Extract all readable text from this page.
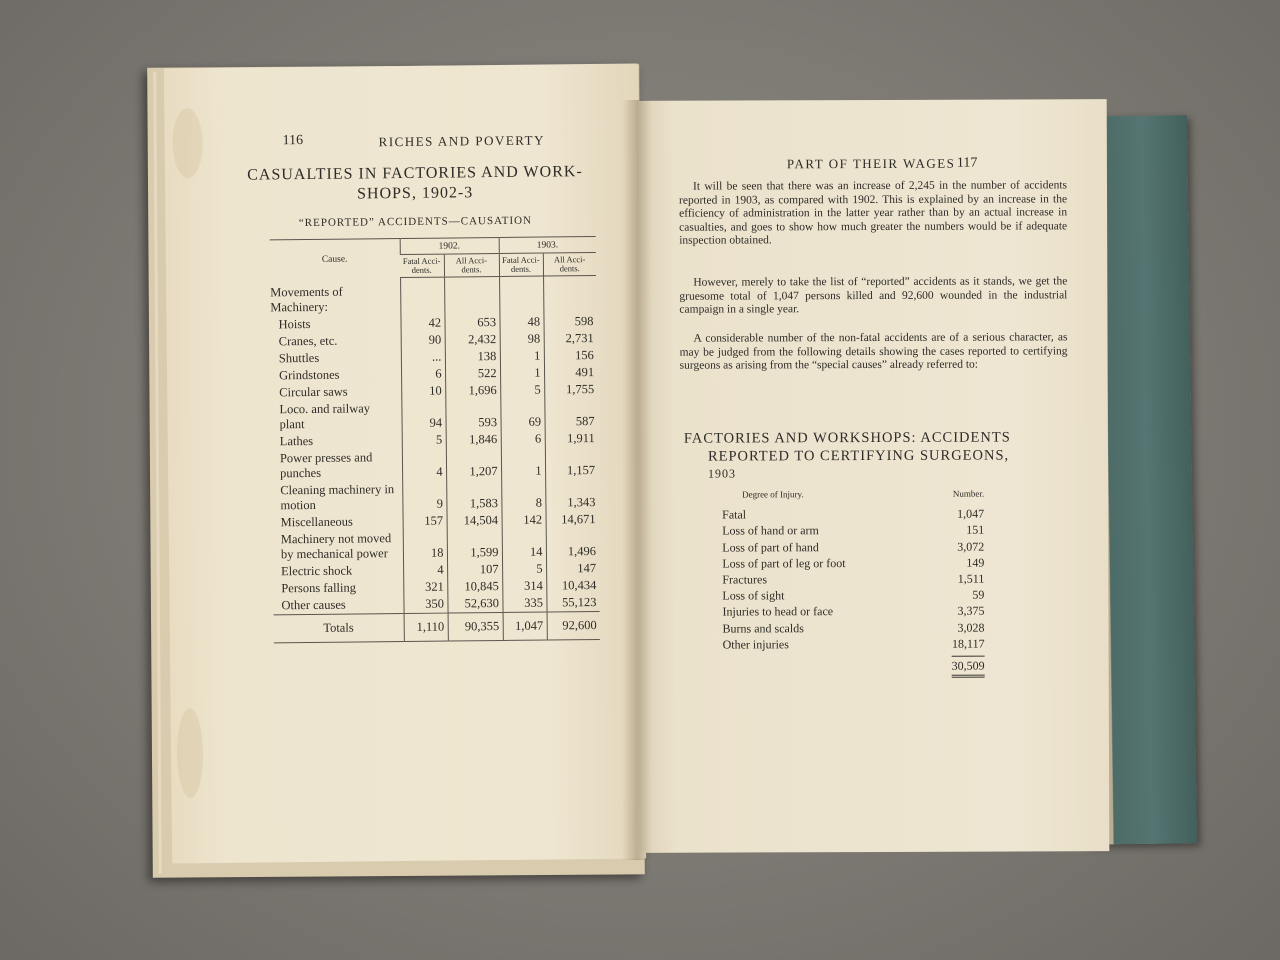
116	RICHES AND POVERTY
CASUALTIES IN FACTORIES AND WORK-
SHOPS, 1902-3
“REPORTED” ACCIDENTS—CAUSATION
Cause.	1902.		1903.	
	Fatal Acci-dents.	All Acci-dents.	Fatal Acci-dents.	All Acci-dents.
Movements of Machinery:				
Hoists	42	653	48	598
Cranes, etc.	90	2,432	98	2,731
Shuttles	...	138	1	156
Grindstones	6	522	1	491
Circular saws	10	1,696	5	1,755
Loco. and railway plant	94	593	69	587
Lathes	5	1,846	6	1,911
Power presses and punches	4	1,207	1	1,157
Cleaning machinery in motion	9	1,583	8	1,343
Miscellaneous	157	14,504	142	14,671
Machinery not moved by mechanical power	18	1,599	14	1,496
Electric shock	4	107	5	147
Persons falling	321	10,845	314	10,434
Other causes	350	52,630	335	55,123
Totals	1,110	90,355	1,047	92,600
PART OF THEIR WAGES 117
It will be seen that there was an increase of 2,245 in the number of accidents reported in 1903, as compared with 1902. This is explained by an increase in the efficiency of administration in the latter year rather than by an actual increase in casualties, and goes to show how much greater the numbers would be if adequate inspection obtained.
However, merely to take the list of “reported” accidents as it stands, we get the gruesome total of 1,047 persons killed and 92,600 wounded in the industrial campaign in a single year.
A considerable number of the non-fatal accidents are of a serious character, as may be judged from the following details showing the cases reported to certifying surgeons as arising from the “special causes” already referred to:
FACTORIES AND WORKSHOPS: ACCIDENTS
REPORTED TO CERTIFYING SURGEONS,
1903
Degree of Injury.	Number.
Fatal	1,047
Loss of hand or arm	151
Loss of part of hand	3,072
Loss of part of leg or foot	149
Fractures	1,511
Loss of sight	59
Injuries to head or face	3,375
Burns and scalds	3,028
Other injuries	18,117
	30,509
